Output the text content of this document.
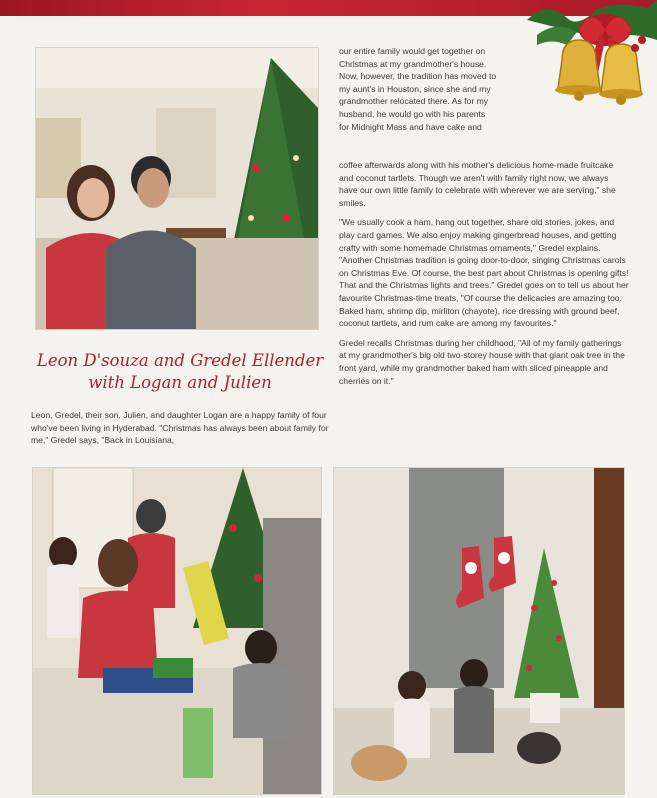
Leon D'souza and Gredel Ellender
with Logan and Julien

Leon, Gredel, their son, Julien, and daughter Logan are a happy family of four who've been living in Hyderabad. "Christmas has always been about family for me," Gredel says, "Back in Louisiana,

our entire family would get together on Christmas at my grandmother's house. Now, however, the tradition has moved to my aunt's in Houston, since she and my grandmother relocated there. As for my husband, he would go with his parents for Midnight Mass and have cake and

coffee afterwards along with his mother's delicious home-made fruitcake and coconut tartlets. Though we aren't with family right now, we always have our own little family to celebrate with wherever we are serving," she smiles.

"We usually cook a ham, hang out together, share old stories, jokes, and play card games. We also enjoy making gingerbread houses, and getting crafty with some homemade Christmas ornaments," Gredel explains. "Another Christmas tradition is going door-to-door, singing Christmas carols on Christmas Eve. Of course, the best part about Christmas is opening gifts! That and the Christmas lights and trees." Gredel goes on to tell us about her favourite Christmas-time treats, "Of course the delicacies are amazing too. Baked ham, shrimp dip, mirliton (chayote), rice dressing with ground beef, coconut tartlets, and rum cake are among my favourites."

Gredel recalls Christmas during her childhood, "All of my family gatherings at my grandmother's big old two-storey house with that giant oak tree in the front yard, while my grandmother baked ham with sliced pineapple and cherries on it."
